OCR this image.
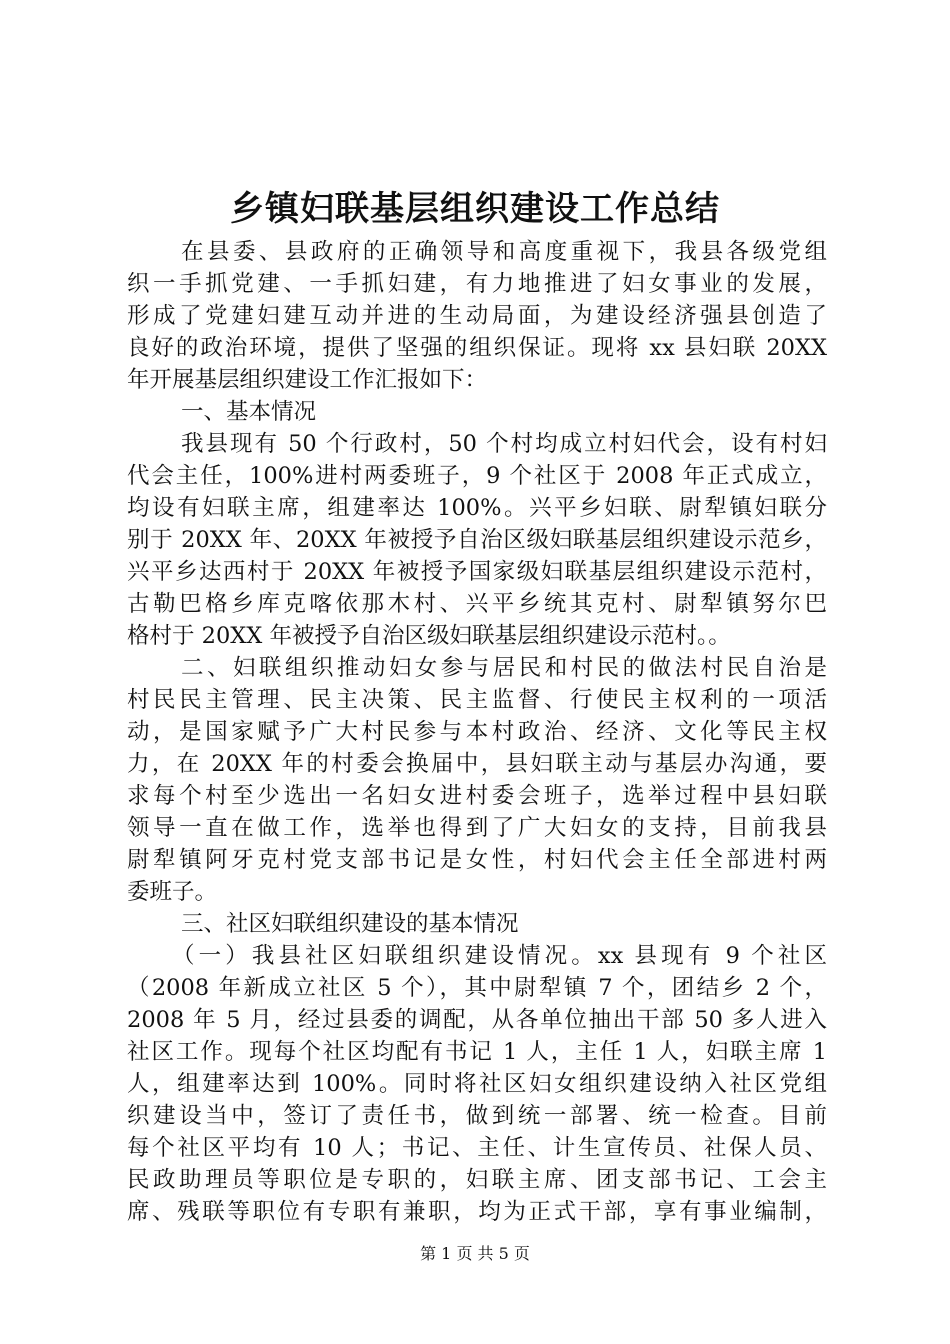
乡镇妇联基层组织建设工作总结
在县委、县政府的正确领导和高度重视下，我县各级党组
织一手抓党建、一手抓妇建，有力地推进了妇女事业的发展，
形成了党建妇建互动并进的生动局面，为建设经济强县创造了
良好的政治环境，提供了坚强的组织保证。现将 xx 县妇联 20XX
年开展基层组织建设工作汇报如下：
一、基本情况
我县现有 50 个行政村，50 个村均成立村妇代会，设有村妇
代会主任，100%进村两委班子，9 个社区于 2008 年正式成立，
均设有妇联主席，组建率达 100%。兴平乡妇联、尉犁镇妇联分
别于 20XX 年、20XX 年被授予自治区级妇联基层组织建设示范乡，
兴平乡达西村于 20XX 年被授予国家级妇联基层组织建设示范村，
古勒巴格乡库克喀依那木村、兴平乡统其克村、尉犁镇努尔巴
格村于 20XX 年被授予自治区级妇联基层组织建设示范村。。
二、妇联组织推动妇女参与居民和村民的做法村民自治是
村民民主管理、民主决策、民主监督、行使民主权利的一项活
动，是国家赋予广大村民参与本村政治、经济、文化等民主权
力，在 20XX 年的村委会换届中，县妇联主动与基层办沟通，要
求每个村至少选出一名妇女进村委会班子，选举过程中县妇联
领导一直在做工作，选举也得到了广大妇女的支持，目前我县
尉犁镇阿牙克村党支部书记是女性，村妇代会主任全部进村两
委班子。
三、社区妇联组织建设的基本情况
（一）我县社区妇联组织建设情况。xx 县现有 9 个社区
（2008 年新成立社区 5 个），其中尉犁镇 7 个，团结乡 2 个，
2008 年 5 月，经过县委的调配，从各单位抽出干部 50 多人进入
社区工作。现每个社区均配有书记 1 人，主任 1 人，妇联主席 1
人，组建率达到 100%。同时将社区妇女组织建设纳入社区党组
织建设当中，签订了责任书，做到统一部署、统一检查。目前
每个社区平均有 10 人；书记、主任、计生宣传员、社保人员、
民政助理员等职位是专职的，妇联主席、团支部书记、工会主
席、残联等职位有专职有兼职，均为正式干部，享有事业编制，
第 1 页 共 5 页
